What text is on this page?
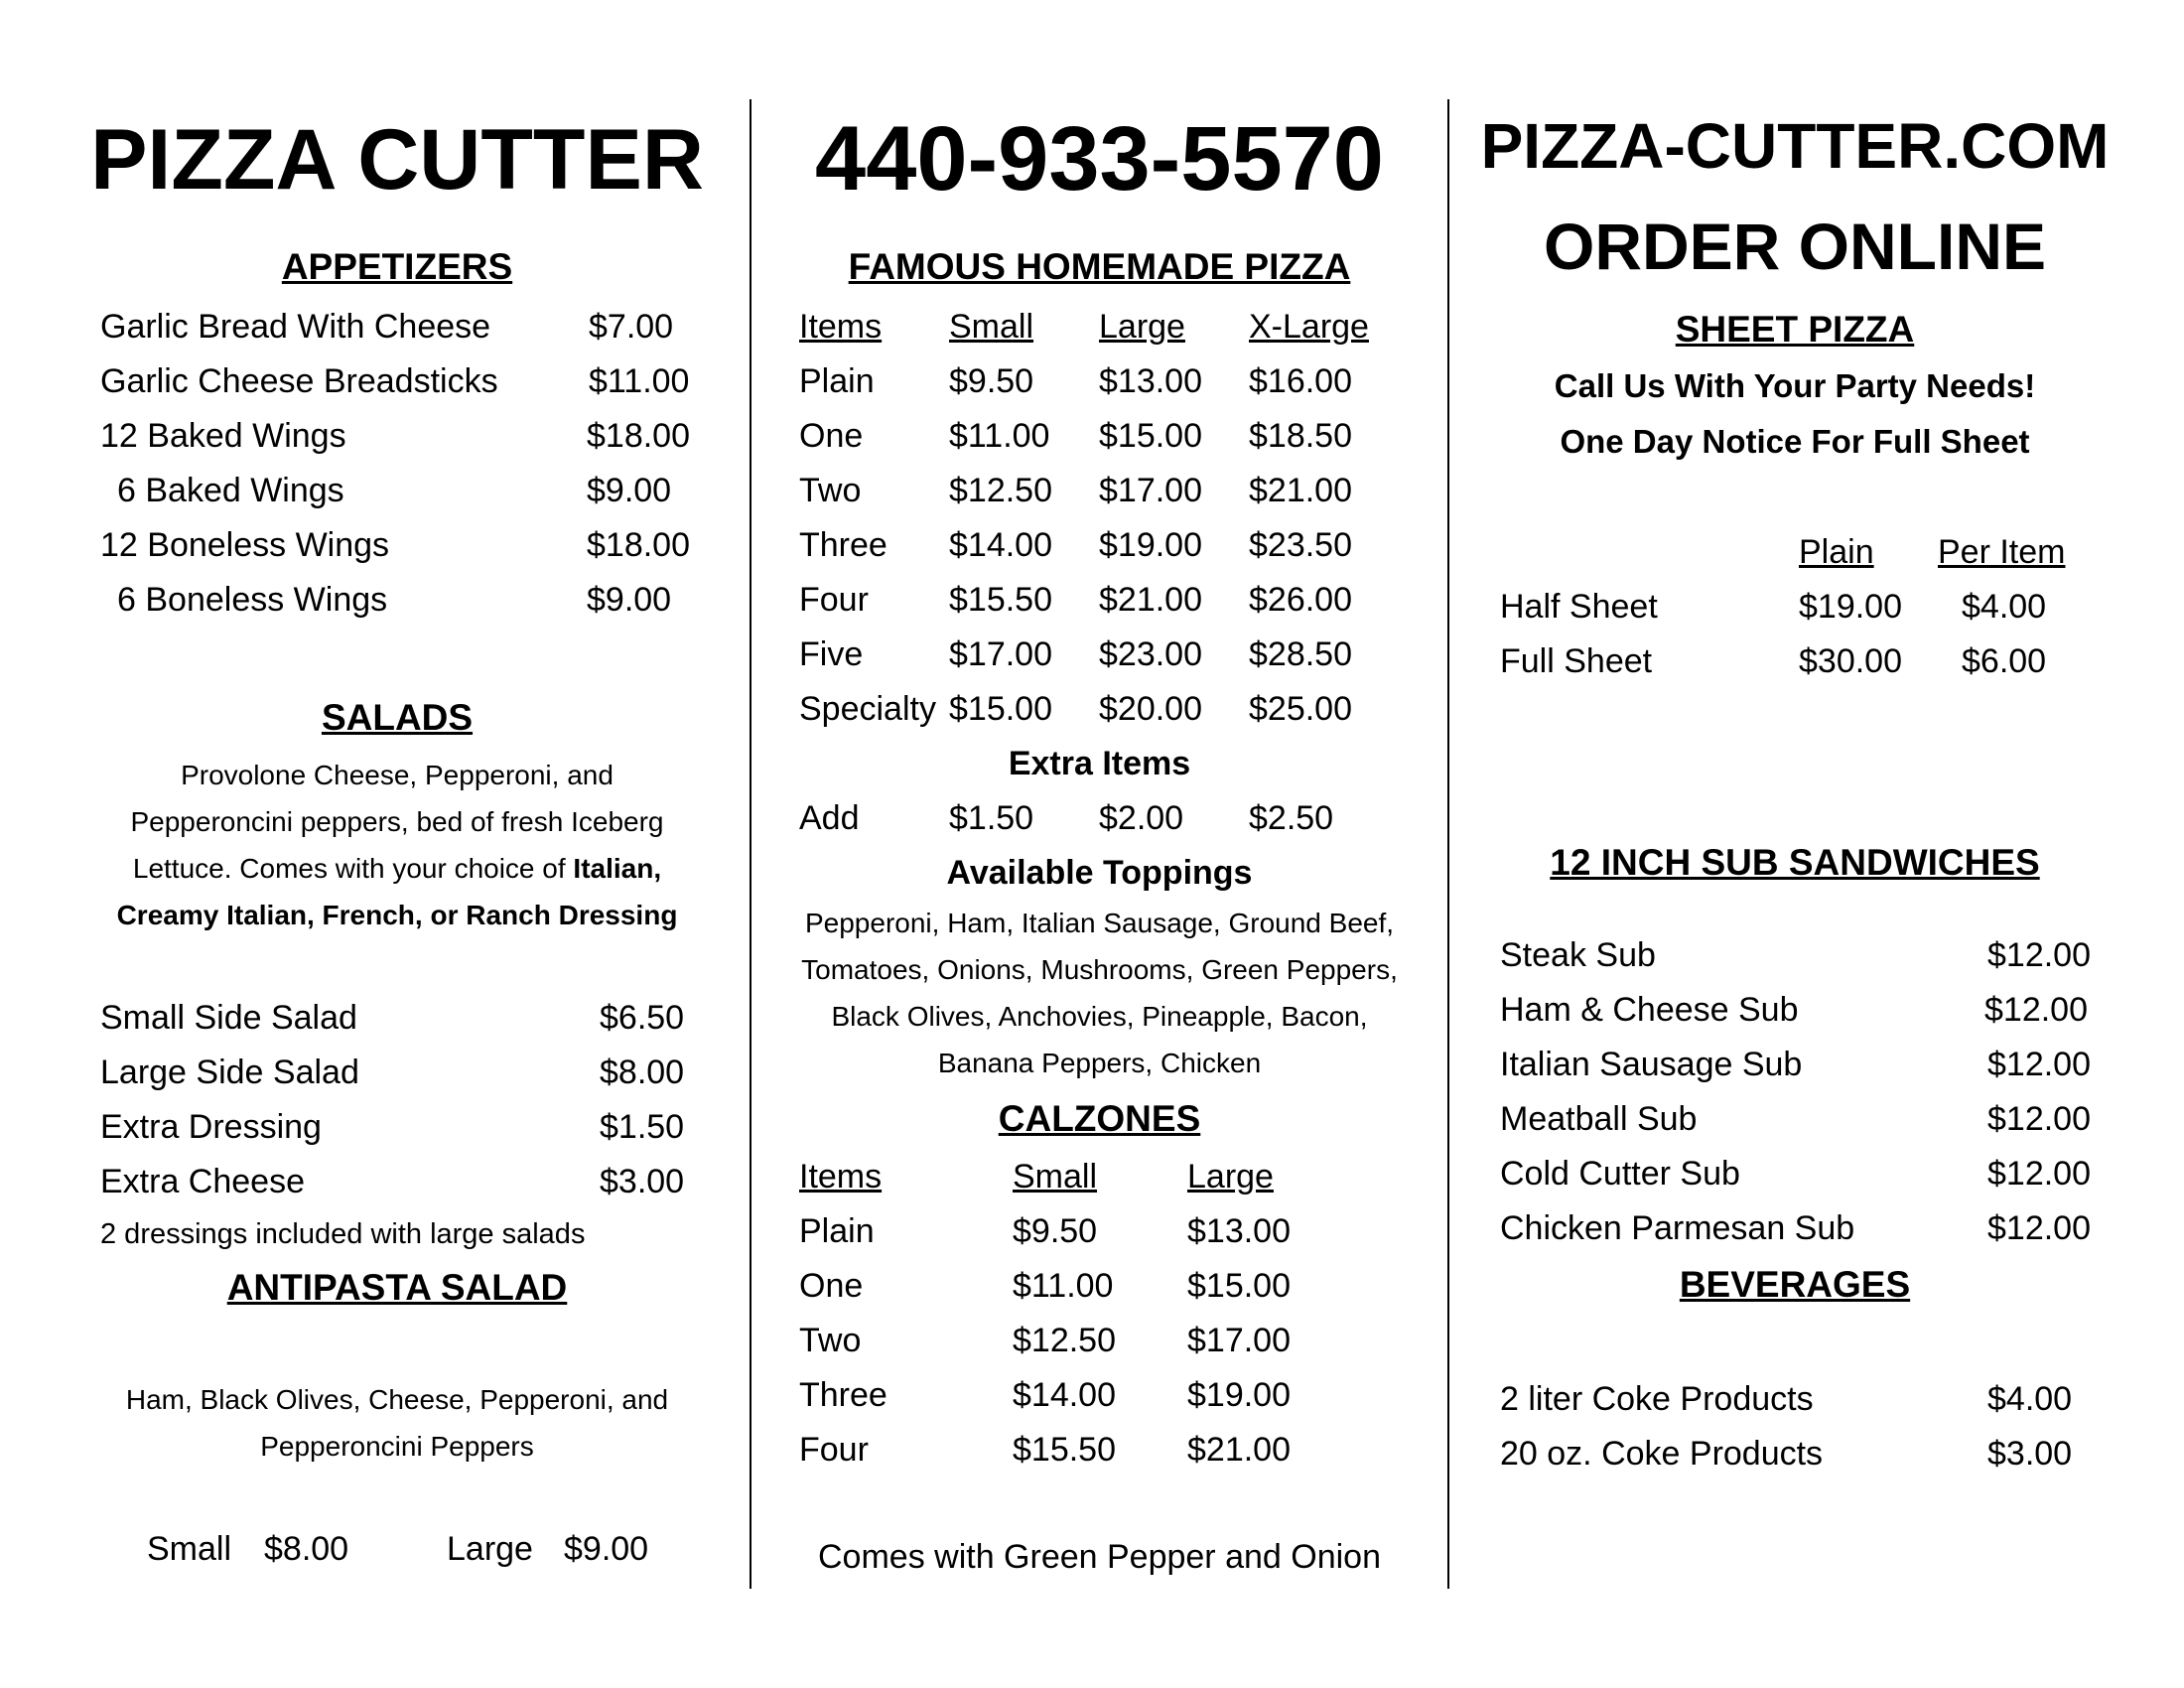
PIZZA CUTTER
APPETIZERS
Garlic Bread With Cheese	$7.00
Garlic Cheese Breadsticks	$11.00
12 Baked Wings	$18.00
6 Baked Wings	$9.00
12 Boneless Wings	$18.00
6 Boneless Wings	$9.00
SALADS
Provolone Cheese, Pepperoni, and Pepperoncini peppers, bed of fresh Iceberg Lettuce. Comes with your choice of Italian, Creamy Italian, French, or Ranch Dressing
Small Side Salad	$6.50
Large Side Salad	$8.00
Extra Dressing	$1.50
Extra Cheese	$3.00
2 dressings included with large salads
ANTIPASTA SALAD
Ham, Black Olives, Cheese, Pepperoni, and Pepperoncini Peppers
Small $8.00	Large $9.00
440-933-5570
FAMOUS HOMEMADE PIZZA
Items Small Large X-Large
Plain $9.50 $13.00 $16.00
One	$11.00 $15.00 $18.50
Two	$12.50 $17.00 $21.00
Three $14.00 $19.00 $23.50
Four $15.50 $21.00 $26.00
Five	$17.00 $23.00 $28.50
Specialty $15.00 $20.00 $25.00
Extra Items
Add	$1.50 $2.00 $2.50
Available Toppings
Pepperoni, Ham, Italian Sausage, Ground Beef, Tomatoes, Onions, Mushrooms, Green Peppers, Black Olives, Anchovies, Pineapple, Bacon, Banana Peppers, Chicken
CALZONES
Items	Small	Large
Plain	$9.50	$13.00
One	$11.00 $15.00
Two	$12.50 $17.00
Three	$14.00 $19.00
Four	$15.50 $21.00
Comes with Green Pepper and Onion
PIZZA-CUTTER.COM
ORDER ONLINE
SHEET PIZZA
Call Us With Your Party Needs!
One Day Notice For Full Sheet
Plain Per Item
Half Sheet	$19.00 $4.00
Full Sheet	$30.00 $6.00
12 INCH SUB SANDWICHES
Steak Sub	$12.00
Ham & Cheese Sub	$12.00
Italian Sausage Sub	$12.00
Meatball Sub	$12.00
Cold Cutter Sub	$12.00
Chicken Parmesan Sub	$12.00
BEVERAGES
2 liter Coke Products	$4.00
20 oz. Coke Products	$3.00
